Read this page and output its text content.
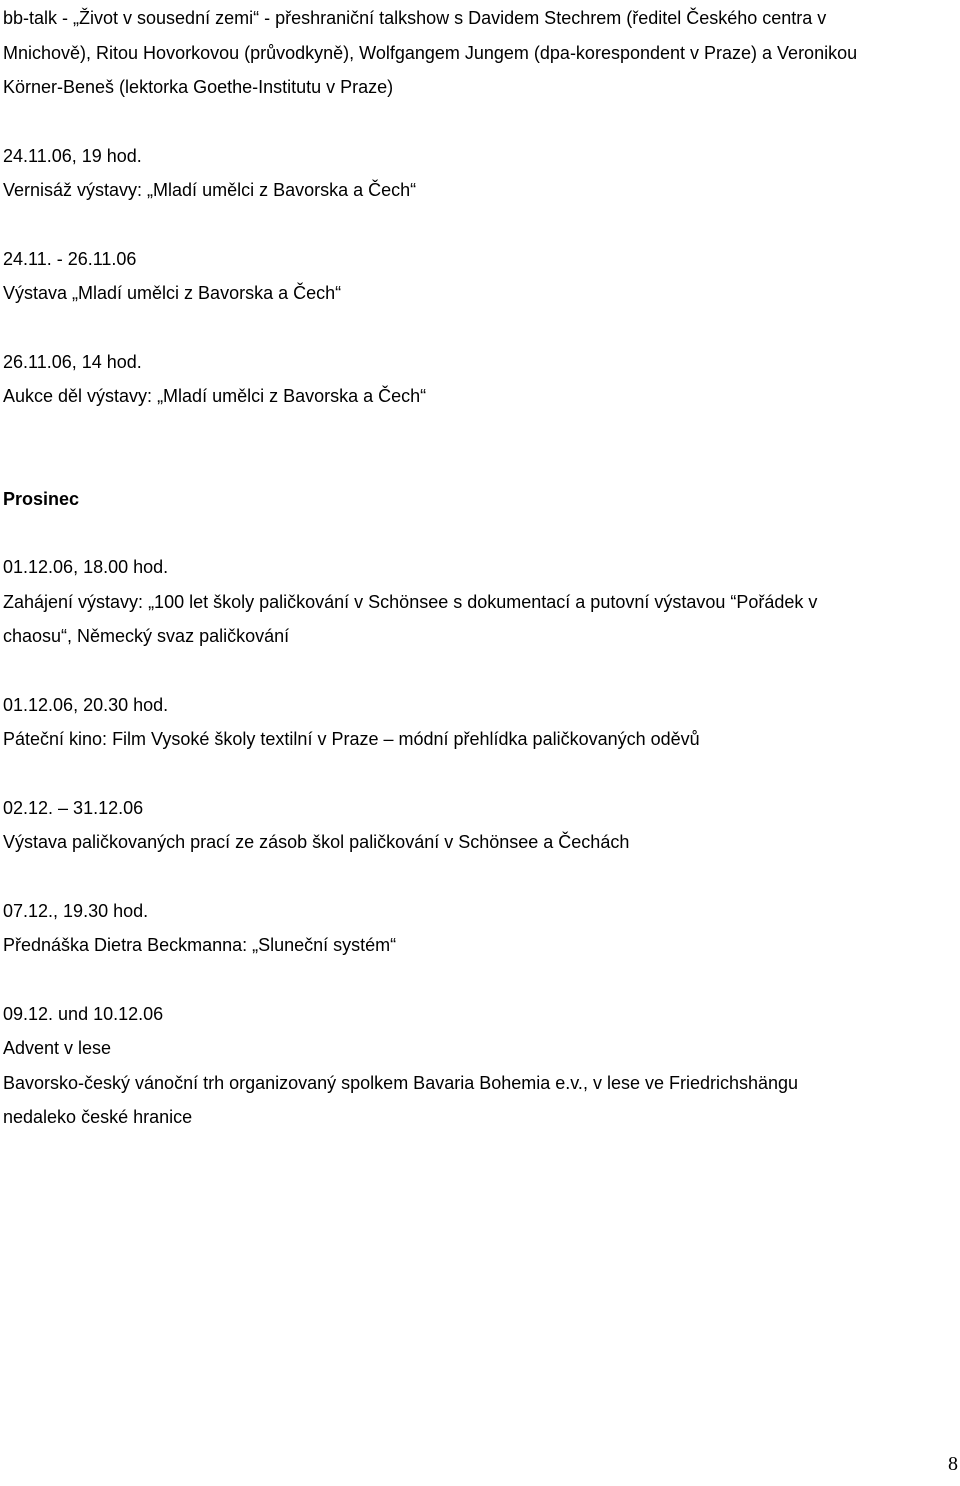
bb-talk - „Život v sousední zemi“ - přeshraniční talkshow s Davidem Stechrem (ředitel Českého centra v
Mnichově), Ritou Hovorkovou (průvodkyně), Wolfgangem Jungem (dpa-korespondent v Praze) a Veronikou
Körner-Beneš (lektorka Goethe-Institutu v Praze)
24.11.06, 19 hod.
Vernisáž výstavy: „Mladí umělci z Bavorska a Čech“
24.11. - 26.11.06
Výstava „Mladí umělci z Bavorska a Čech“
26.11.06, 14 hod.
Aukce děl výstavy: „Mladí umělci z Bavorska a Čech“
Prosinec
01.12.06, 18.00 hod.
Zahájení výstavy: „100 let školy paličkování v Schönsee s dokumentací a putovní výstavou “Pořádek v
chaosu“, Německý svaz paličkování
01.12.06, 20.30 hod.
Páteční kino: Film Vysoké školy textilní v Praze – módní přehlídka paličkovaných oděvů
02.12. – 31.12.06
Výstava paličkovaných prací ze zásob škol paličkování v Schönsee a Čechách
07.12., 19.30 hod.
Přednáška Dietra Beckmanna: „Sluneční systém“
09.12. und 10.12.06
Advent v lese
Bavorsko-český vánoční trh organizovaný spolkem Bavaria Bohemia e.v., v lese ve Friedrichshängu
nedaleko české hranice
8
